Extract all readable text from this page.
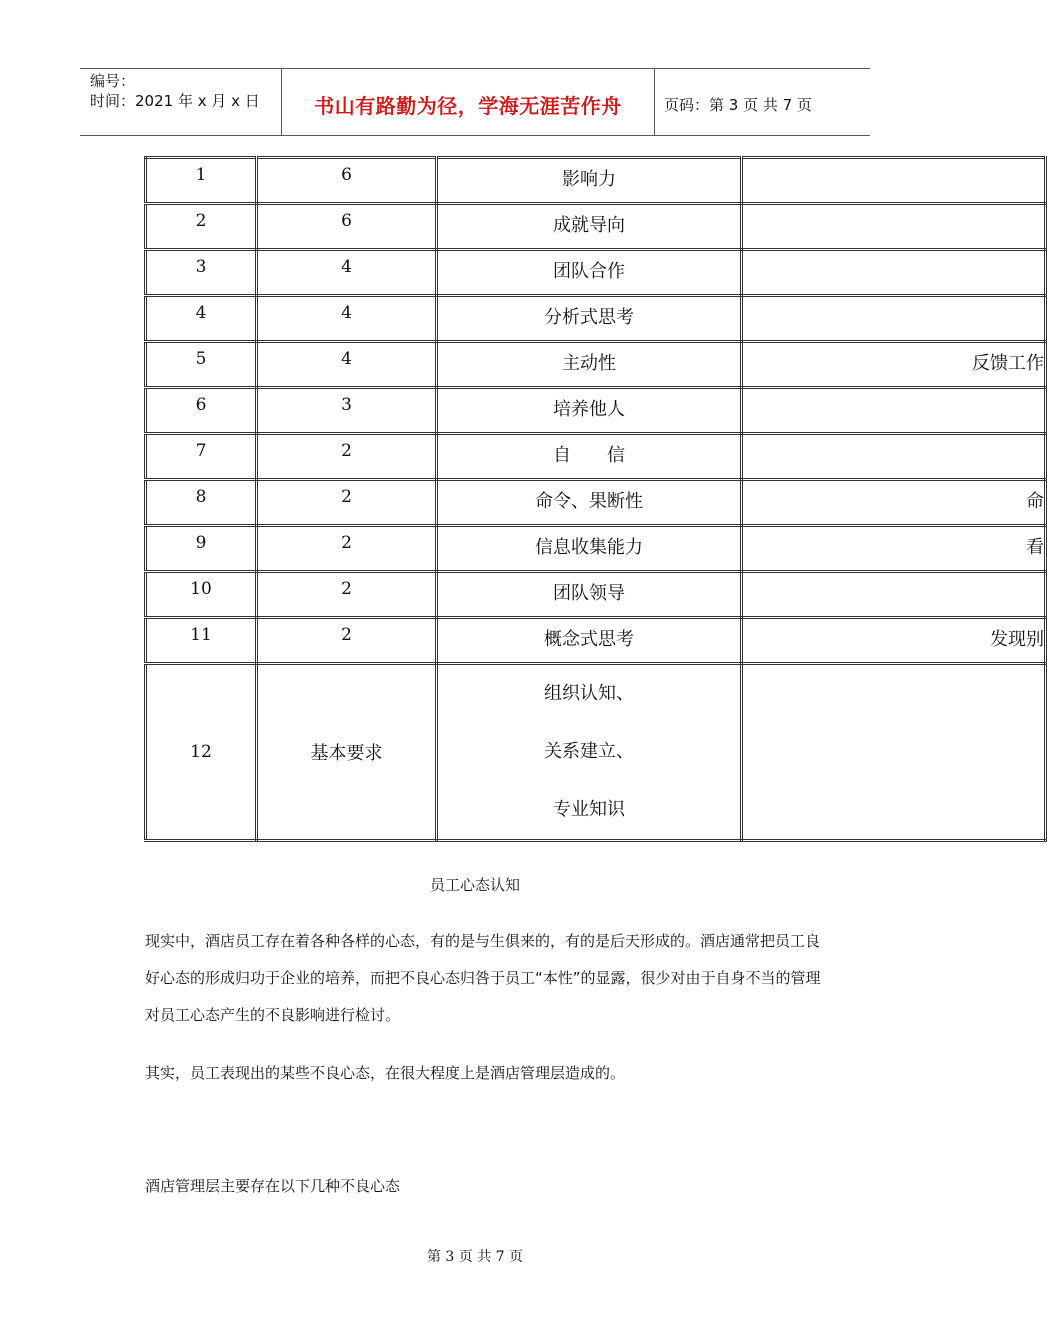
编号：
时间：2021 年 x 月 x 日	书山有路勤为径，学海无涯苦作舟	页码：第 3 页 共 7 页
1	6	影响力	
2	6	成就导向	
3	4	团队合作	
4	4	分析式思考	
5	4	主动性	反馈工作
6	3	培养他人	
7	2	自　　信	
8	2	命令、果断性	命
9	2	信息收集能力	看
10	2	团队领导	
11	2	概念式思考	发现别
12	基本要求	组织认知、
关系建立、
专业知识	

员工心态认知
现实中，酒店员工存在着各种各样的心态，有的是与生俱来的，有的是后天形成的。酒店通常把员工良好心态的形成归功于企业的培养，而把不良心态归咎于员工“本性”的显露，很少对由于自身不当的管理对员工心态产生的不良影响进行检讨。
其实，员工表现出的某些不良心态，在很大程度上是酒店管理层造成的。
酒店管理层主要存在以下几种不良心态
第 3 页 共 7 页
